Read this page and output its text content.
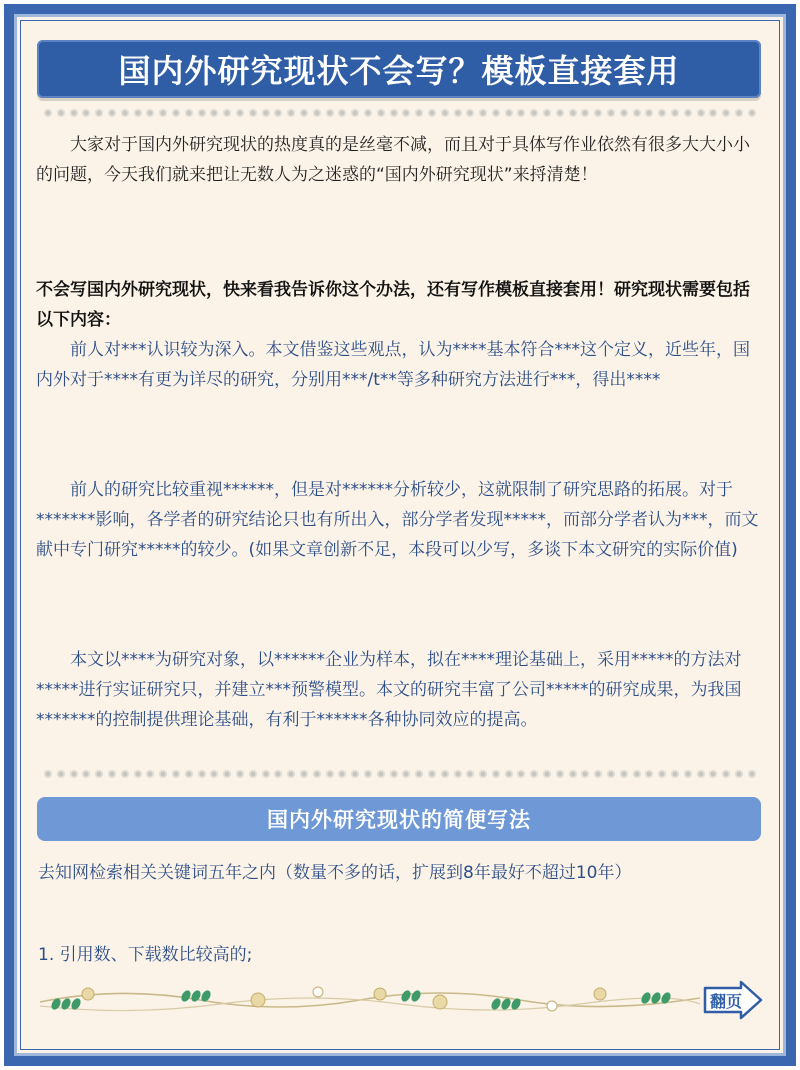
国内外研究现状不会写？模板直接套用

大家对于国内外研究现状的热度真的是丝毫不减，而且对于具体写作业依然有很多大大小小的问题，今天我们就来把让无数人为之迷惑的“国内外研究现状”来捋清楚！

不会写国内外研究现状，快来看我告诉你这个办法，还有写作模板直接套用！研究现状需要包括以下内容：

前人对***认识较为深入。本文借鉴这些观点，认为****基本符合***这个定义，近些年，国内外对于****有更为详尽的研究，分别用***/t**等多种研究方法进行***，得出****

前人的研究比较重视******，但是对******分析较少，这就限制了研究思路的拓展。对于*******影响，各学者的研究结论只也有所出入，部分学者发现*****，而部分学者认为***，而文献中专门研究*****的较少。(如果文章创新不足，本段可以少写，多谈下本文研究的实际价值)

本文以****为研究对象，以******企业为样本，拟在****理论基础上，采用*****的方法对*****进行实证研究只，并建立***预警模型。本文的研究丰富了公司*****的研究成果，为我国*******的控制提供理论基础，有利于******各种协同效应的提高。

国内外研究现状的简便写法

去知网检索相关关键词五年之内（数量不多的话，扩展到8年最好不超过10年）

1. 引用数、下载数比较高的;

翻页
